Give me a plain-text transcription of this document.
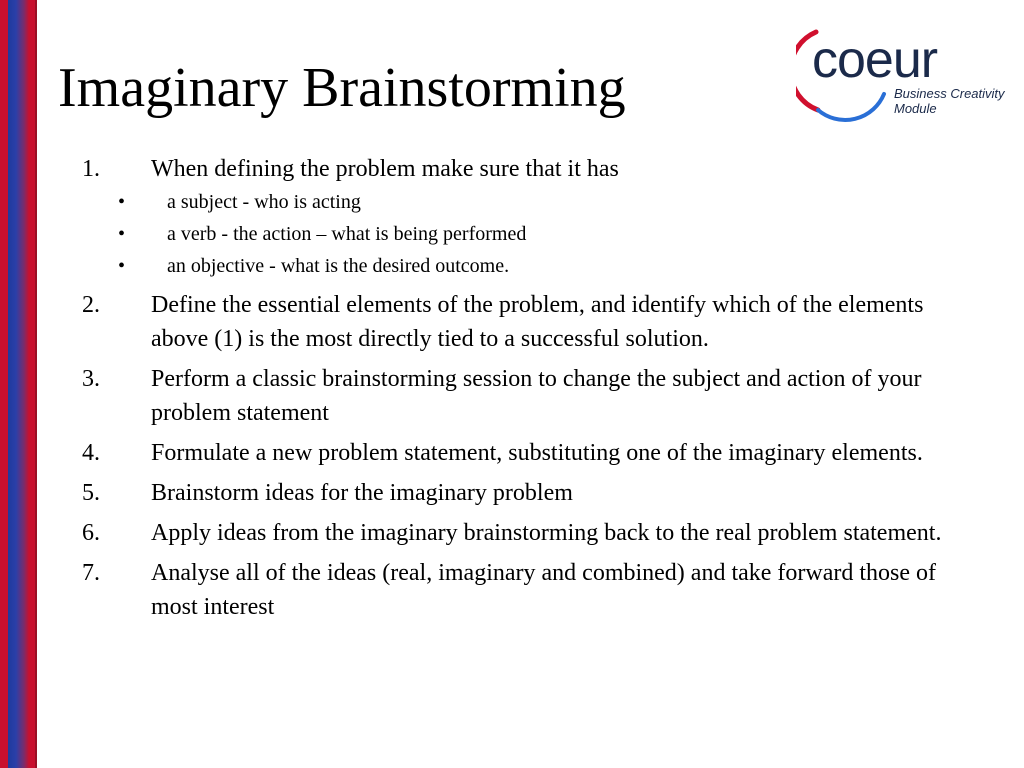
Imaginary Brainstorming	coeur
Business Creativity
Module
1.	When defining the problem make sure that it has
• a subject - who is acting
• a verb - the action – what is being performed
• an objective - what is the desired outcome.
2.	Define the essential elements of the problem, and identify which of the elements above (1) is the most directly tied to a successful solution.
3.	Perform a classic brainstorming session to change the subject and action of your problem statement
4.	Formulate a new problem statement, substituting one of the imaginary elements.
5.	Brainstorm ideas for the imaginary problem
6.	Apply ideas from the imaginary brainstorming back to the real problem statement.
7.	Analyse all of the ideas (real, imaginary and combined) and take forward those of most interest
